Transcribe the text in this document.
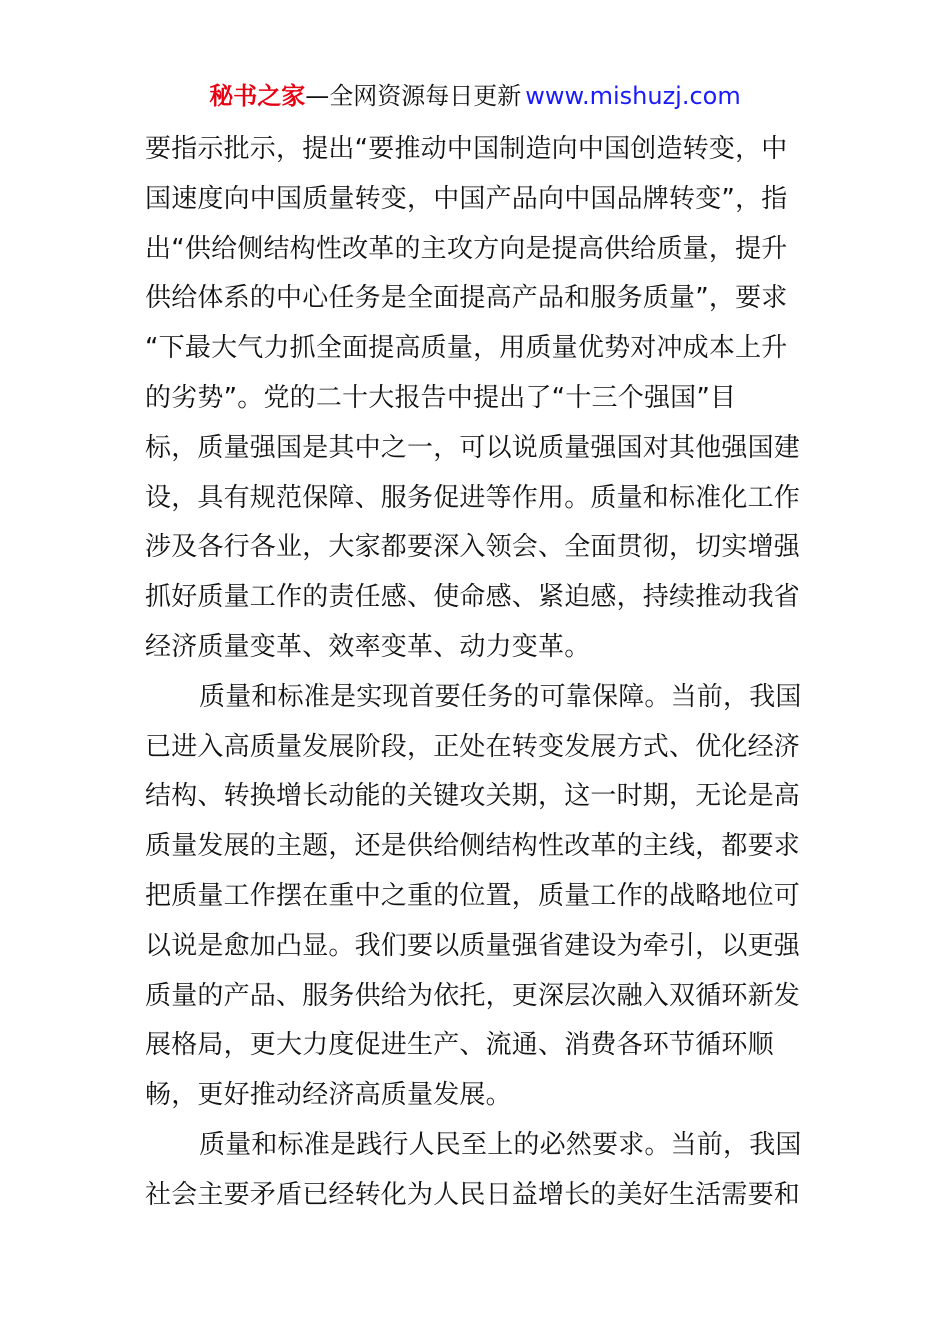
秘书之家—全网资源每日更新 www.mishuzj.com
要指示批示，提出“要推动中国制造向中国创造转变，中
国速度向中国质量转变，中国产品向中国品牌转变”，指
出“供给侧结构性改革的主攻方向是提高供给质量，提升
供给体系的中心任务是全面提高产品和服务质量”，要求
“下最大气力抓全面提高质量，用质量优势对冲成本上升
的劣势”。党的二十大报告中提出了“十三个强国”目
标，质量强国是其中之一，可以说质量强国对其他强国建
设，具有规范保障、服务促进等作用。质量和标准化工作
涉及各行各业，大家都要深入领会、全面贯彻，切实增强
抓好质量工作的责任感、使命感、紧迫感，持续推动我省
经济质量变革、效率变革、动力变革。
质量和标准是实现首要任务的可靠保障。当前，我国
已进入高质量发展阶段，正处在转变发展方式、优化经济
结构、转换增长动能的关键攻关期，这一时期，无论是高
质量发展的主题，还是供给侧结构性改革的主线，都要求
把质量工作摆在重中之重的位置，质量工作的战略地位可
以说是愈加凸显。我们要以质量强省建设为牵引，以更强
质量的产品、服务供给为依托，更深层次融入双循环新发
展格局，更大力度促进生产、流通、消费各环节循环顺
畅，更好推动经济高质量发展。
质量和标准是践行人民至上的必然要求。当前，我国
社会主要矛盾已经转化为人民日益增长的美好生活需要和
